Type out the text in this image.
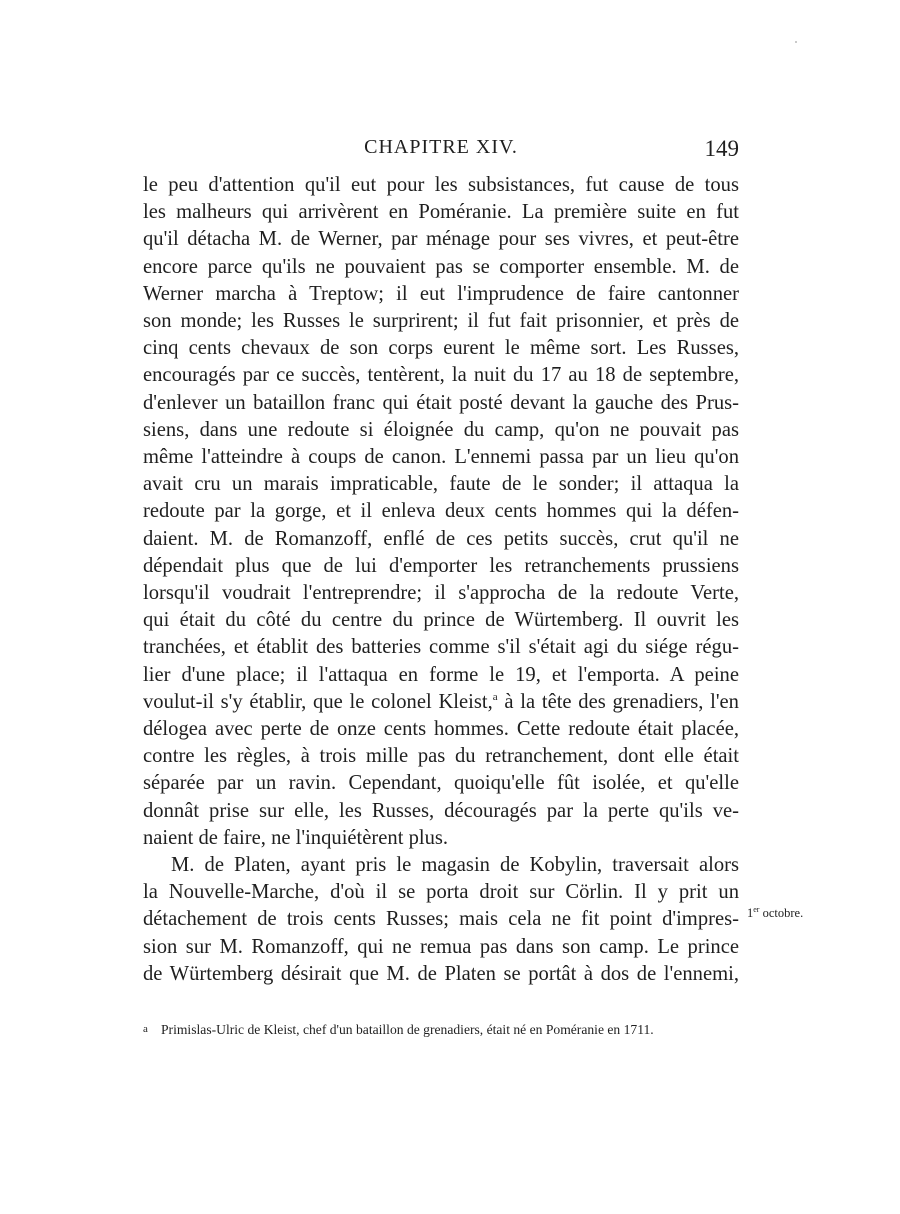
CHAPITRE XIV.	149

le peu d'attention qu'il eut pour les subsistances, fut cause de tous
les malheurs qui arrivèrent en Poméranie. La première suite en fut
qu'il détacha M. de Werner, par ménage pour ses vivres, et peut-être
encore parce qu'ils ne pouvaient pas se comporter ensemble. M. de
Werner marcha à Treptow; il eut l'imprudence de faire cantonner
son monde; les Russes le surprirent; il fut fait prisonnier, et près de
cinq cents chevaux de son corps eurent le même sort. Les Russes,
encouragés par ce succès, tentèrent, la nuit du 17 au 18 de septembre,
d'enlever un bataillon franc qui était posté devant la gauche des Prus-
siens, dans une redoute si éloignée du camp, qu'on ne pouvait pas
même l'atteindre à coups de canon. L'ennemi passa par un lieu qu'on
avait cru un marais impraticable, faute de le sonder; il attaqua la
redoute par la gorge, et il enleva deux cents hommes qui la défen-
daient. M. de Romanzoff, enflé de ces petits succès, crut qu'il ne
dépendait plus que de lui d'emporter les retranchements prussiens
lorsqu'il voudrait l'entreprendre; il s'approcha de la redoute Verte,
qui était du côté du centre du prince de Würtemberg. Il ouvrit les
tranchées, et établit des batteries comme s'il s'était agi du siége régu-
lier d'une place; il l'attaqua en forme le 19, et l'emporta. A peine
voulut-il s'y établir, que le colonel Kleist,$^a$ à la tête des grenadiers, l'en
délogea avec perte de onze cents hommes. Cette redoute était placée,
contre les règles, à trois mille pas du retranchement, dont elle était
séparée par un ravin. Cependant, quoiqu'elle fût isolée, et qu'elle
donnât prise sur elle, les Russes, découragés par la perte qu'ils ve-
naient de faire, ne l'inquiétèrent plus.

M. de Platen, ayant pris le magasin de Kobylin, traversait alors
la Nouvelle-Marche, d'où il se porta droit sur Cörlin. Il y prit un
détachement de trois cents Russes; mais cela ne fit point d'impres-
sion sur M. Romanzoff, qui ne remua pas dans son camp. Le prince
de Würtemberg désirait que M. de Platen se portât à dos de l'ennemi,

1er octobre.
a Primislas-Ulric de Kleist, chef d'un bataillon de grenadiers, était né en Poméranie en 1711.
